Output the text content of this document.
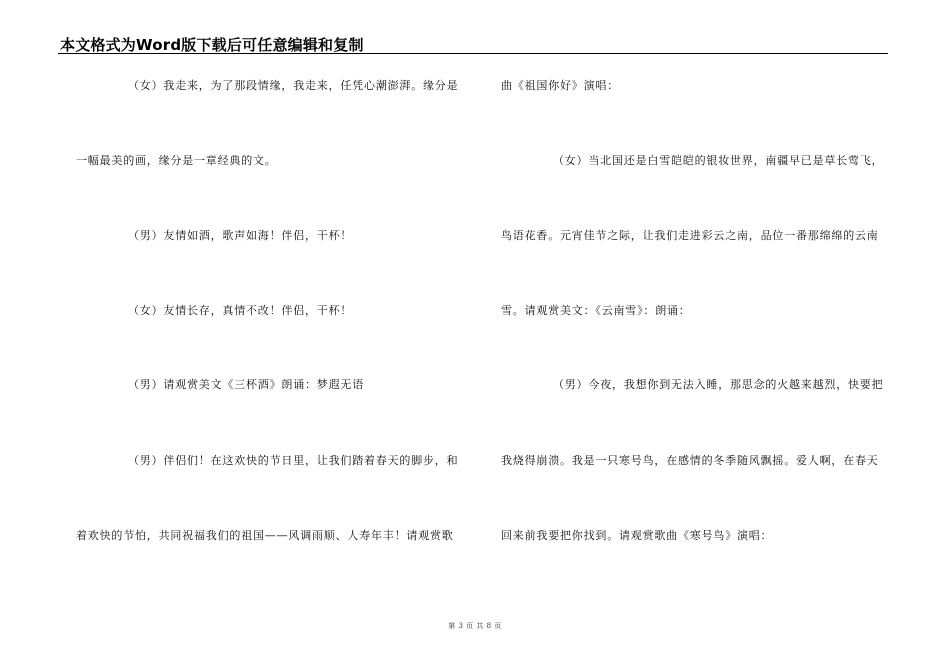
本文格式为Word版下载后可任意编辑和复制
（女）我走来，为了那段情缘，我走来，任凭心潮澎湃。缘分是
一幅最美的画，缘分是一章经典的文。
（男）友情如酒，歌声如海！伴侣，干杯！
（女）友情长存，真情不改！伴侣，干杯！
（男）请观赏美文《三杯酒》朗诵：梦遐无语
（男）伴侣们！在这欢快的节日里，让我们踏着春天的脚步，和
着欢快的节怕，共同祝福我们的祖国——风调雨顺、人寿年丰！请观赏歌
曲《祖国你好》演唱：
（女）当北国还是白雪皑皑的银妆世界，南疆早已是草长莺飞，
鸟语花香。元宵佳节之际，让我们走进彩云之南，品位一番那绵绵的云南
雪。请观赏美文：《云南雪》：朗诵：
（男）今夜，我想你到无法入睡，那思念的火越来越烈，快要把
我烧得崩溃。我是一只寒号鸟，在感情的冬季随风飘摇。爱人啊，在春天
回来前我要把你找到。请观赏歌曲《寒号鸟》演唱：
第 3 页 共 8 页
